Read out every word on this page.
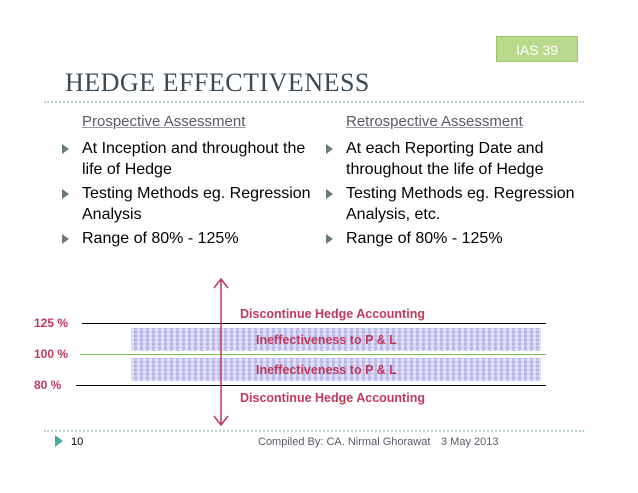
IAS 39
HEDGE EFFECTIVENESS
Prospective Assessment
At Inception and throughout the life of Hedge
Testing Methods eg. Regression Analysis
Range of 80% - 125%
Retrospective Assessment
At each Reporting Date and throughout the life of Hedge
Testing Methods eg. Regression Analysis, etc.
Range of 80% - 125%
125 %
100 %
80 %
Discontinue Hedge Accounting
Ineffectiveness to P & L
Ineffectiveness to P & L
Discontinue Hedge Accounting
10	Compiled By: CA. Nirmal Ghorawat 3 May 2013
